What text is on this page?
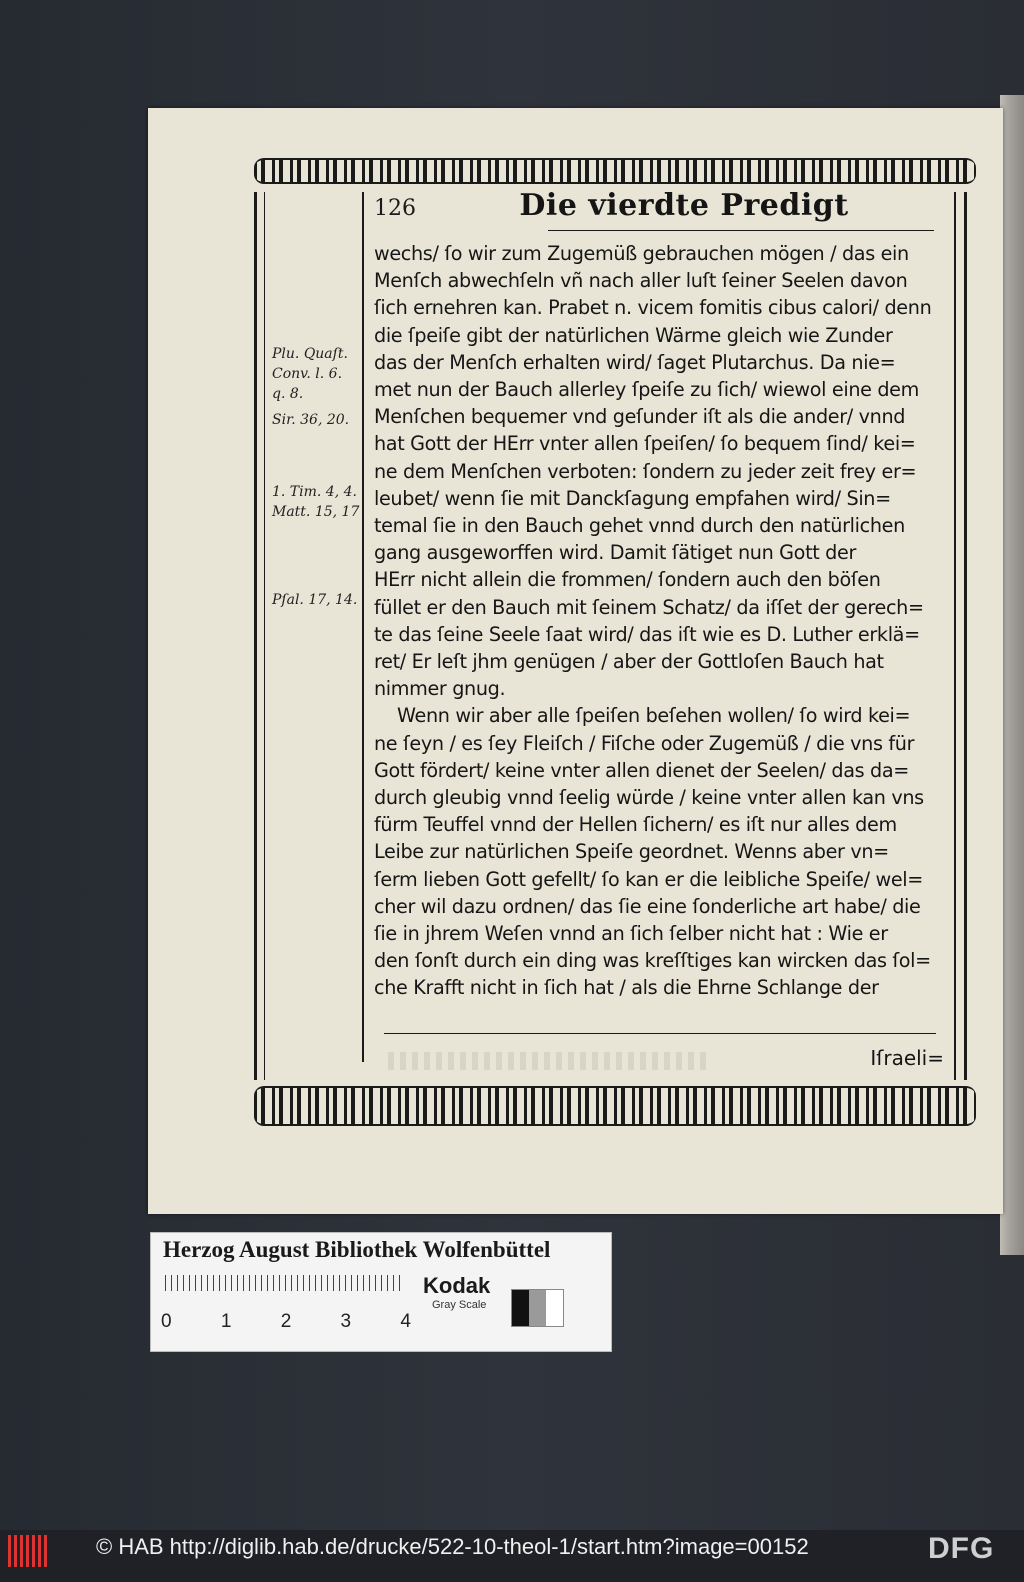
126	Die vierdte Predigt
Plu. Quaſt.
Conv. l. 6.
q. 8.
Sir. 36, 20.
1. Tim. 4, 4.
Matt. 15, 17
Pſal. 17, 14.
wechs/ ſo wir zum Zugemüß gebrauchen mögen / das ein
Menſch abwechſeln vñ nach aller luſt ſeiner Seelen davon
ſich ernehren kan. Prabet n. vicem fomitis cibus calori/ denn
die ſpeiſe gibt der natürlichen Wärme gleich wie Zunder
das der Menſch erhalten wird/ ſaget Plutarchus. Da nie=
met nun der Bauch allerley ſpeiſe zu ſich/ wiewol eine dem
Menſchen bequemer vnd geſunder iſt als die ander/ vnnd
hat Gott der HErr vnter allen ſpeiſen/ ſo bequem ſind/ kei=
ne dem Menſchen verboten: ſondern zu jeder zeit frey er=
leubet/ wenn ſie mit Danckſagung empfahen wird/ Sin=
temal ſie in den Bauch gehet vnnd durch den natürlichen
gang ausgeworffen wird. Damit ſätiget nun Gott der
HErr nicht allein die frommen/ ſondern auch den böſen
füllet er den Bauch mit ſeinem Schatz/ da iſſet der gerech=
te das ſeine Seele ſaat wird/ das iſt wie es D. Luther erklä=
ret/ Er leſt jhm genügen / aber der Gottloſen Bauch hat
nimmer gnug.
Wenn wir aber alle ſpeiſen beſehen wollen/ ſo wird kei=
ne ſeyn / es ſey Fleiſch / Fiſche oder Zugemüß / die vns für
Gott fördert/ keine vnter allen dienet der Seelen/ das da=
durch gleubig vnnd ſeelig würde / keine vnter allen kan vns
fürm Teuffel vnnd der Hellen ſichern/ es iſt nur alles dem
Leibe zur natürlichen Speiſe geordnet. Wenns aber vn=
ſerm lieben Gott gefellt/ ſo kan er die leibliche Speiſe/ wel=
cher wil dazu ordnen/ das ſie eine ſonderliche art habe/ die
ſie in jhrem Weſen vnnd an ſich ſelber nicht hat : Wie er
den ſonſt durch ein ding was kreſſtiges kan wircken das ſol=
che Krafft nicht in ſich hat / als die Ehrne Schlange der
Iſraeli=
Herzog August Bibliothek Wolfenbüttel
0	1	2	3	4
Kodak
Gray Scale
© HAB http://diglib.hab.de/drucke/522-10-theol-1/start.htm?image=00152	DFG
